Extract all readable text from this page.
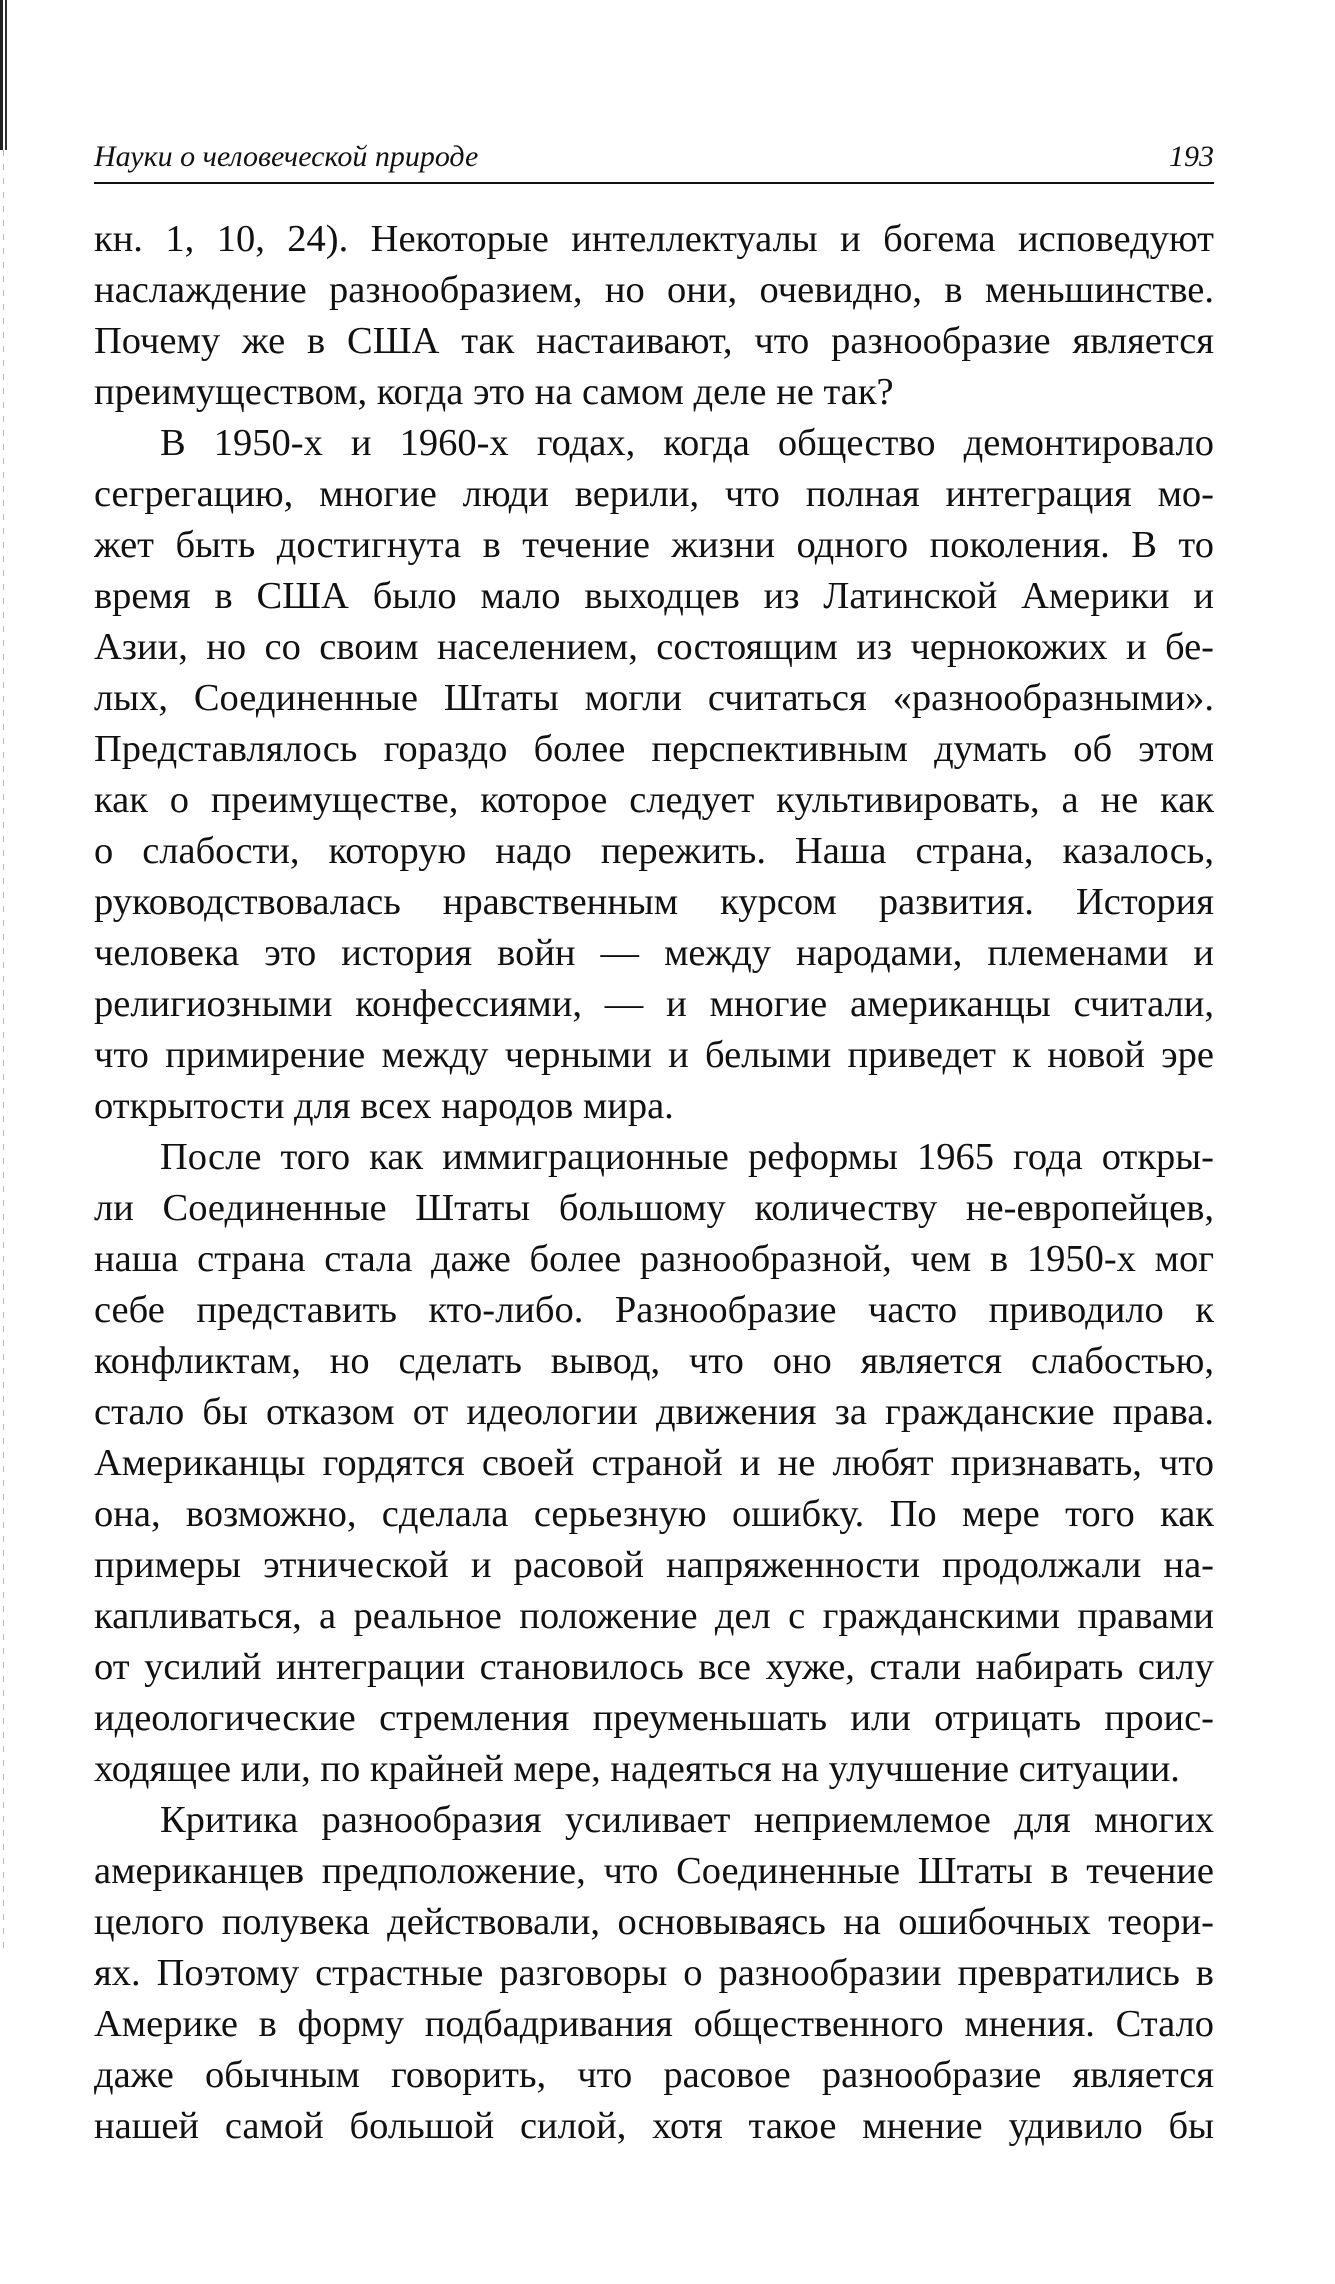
Науки о человеческой природе	193
кн. 1, 10, 24). Некоторые интеллектуалы и богема исповедуют
наслаждение разнообразием, но они, очевидно, в меньшинстве.
Почему же в США так настаивают, что разнообразие является
преимуществом, когда это на самом деле не так?
В 1950-х и 1960-х годах, когда общество демонтировало
сегрегацию, многие люди верили, что полная интеграция мо-
жет быть достигнута в течение жизни одного поколения. В то
время в США было мало выходцев из Латинской Америки и
Азии, но со своим населением, состоящим из чернокожих и бе-
лых, Соединенные Штаты могли считаться «разнообразными».
Представлялось гораздо более перспективным думать об этом
как о преимуществе, которое следует культивировать, а не как
о слабости, которую надо пережить. Наша страна, казалось,
руководствовалась нравственным курсом развития. История
человека это история войн — между народами, племенами и
религиозными конфессиями, — и многие американцы считали,
что примирение между черными и белыми приведет к новой эре
открытости для всех народов мира.
После того как иммиграционные реформы 1965 года откры-
ли Соединенные Штаты большому количеству не-европейцев,
наша страна стала даже более разнообразной, чем в 1950-х мог
себе представить кто-либо. Разнообразие часто приводило к
конфликтам, но сделать вывод, что оно является слабостью,
стало бы отказом от идеологии движения за гражданские права.
Американцы гордятся своей страной и не любят признавать, что
она, возможно, сделала серьезную ошибку. По мере того как
примеры этнической и расовой напряженности продолжали на-
капливаться, а реальное положение дел с гражданскими правами
от усилий интеграции становилось все хуже, стали набирать силу
идеологические стремления преуменьшать или отрицать проис-
ходящее или, по крайней мере, надеяться на улучшение ситуации.
Критика разнообразия усиливает неприемлемое для многих
американцев предположение, что Соединенные Штаты в течение
целого полувека действовали, основываясь на ошибочных теори-
ях. Поэтому страстные разговоры о разнообразии превратились в
Америке в форму подбадривания общественного мнения. Стало
даже обычным говорить, что расовое разнообразие является
нашей самой большой силой, хотя такое мнение удивило бы
